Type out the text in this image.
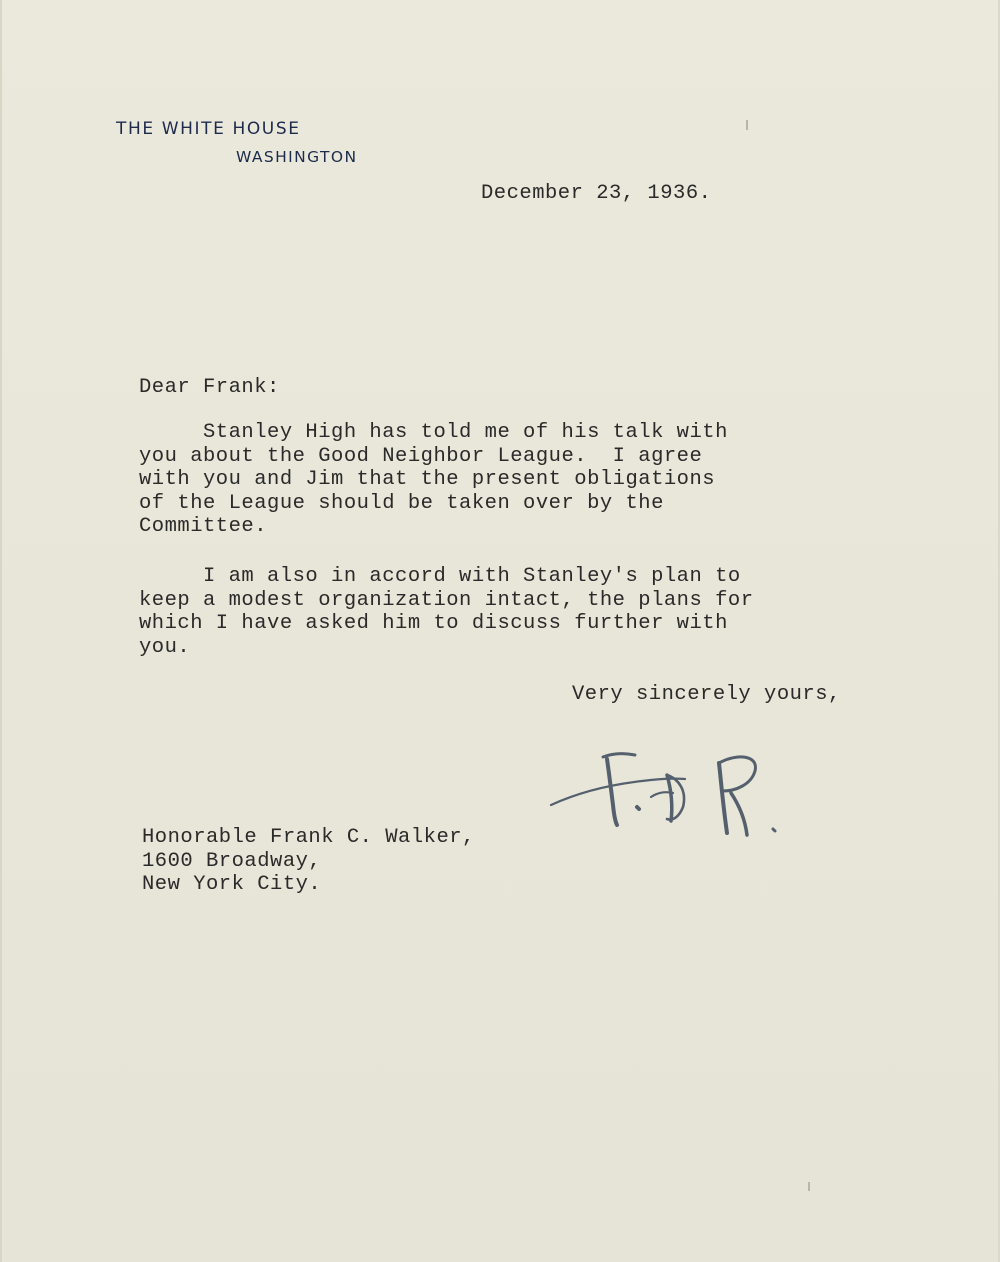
THE WHITE HOUSE
WASHINGTON
December 23, 1936.
Dear Frank:
Stanley High has told me of his talk with
you about the Good Neighbor League.  I agree
with you and Jim that the present obligations
of the League should be taken over by the
Committee.
I am also in accord with Stanley's plan to
keep a modest organization intact, the plans for
which I have asked him to discuss further with
you.
Very sincerely yours,
Honorable Frank C. Walker,
1600 Broadway,
New York City.
